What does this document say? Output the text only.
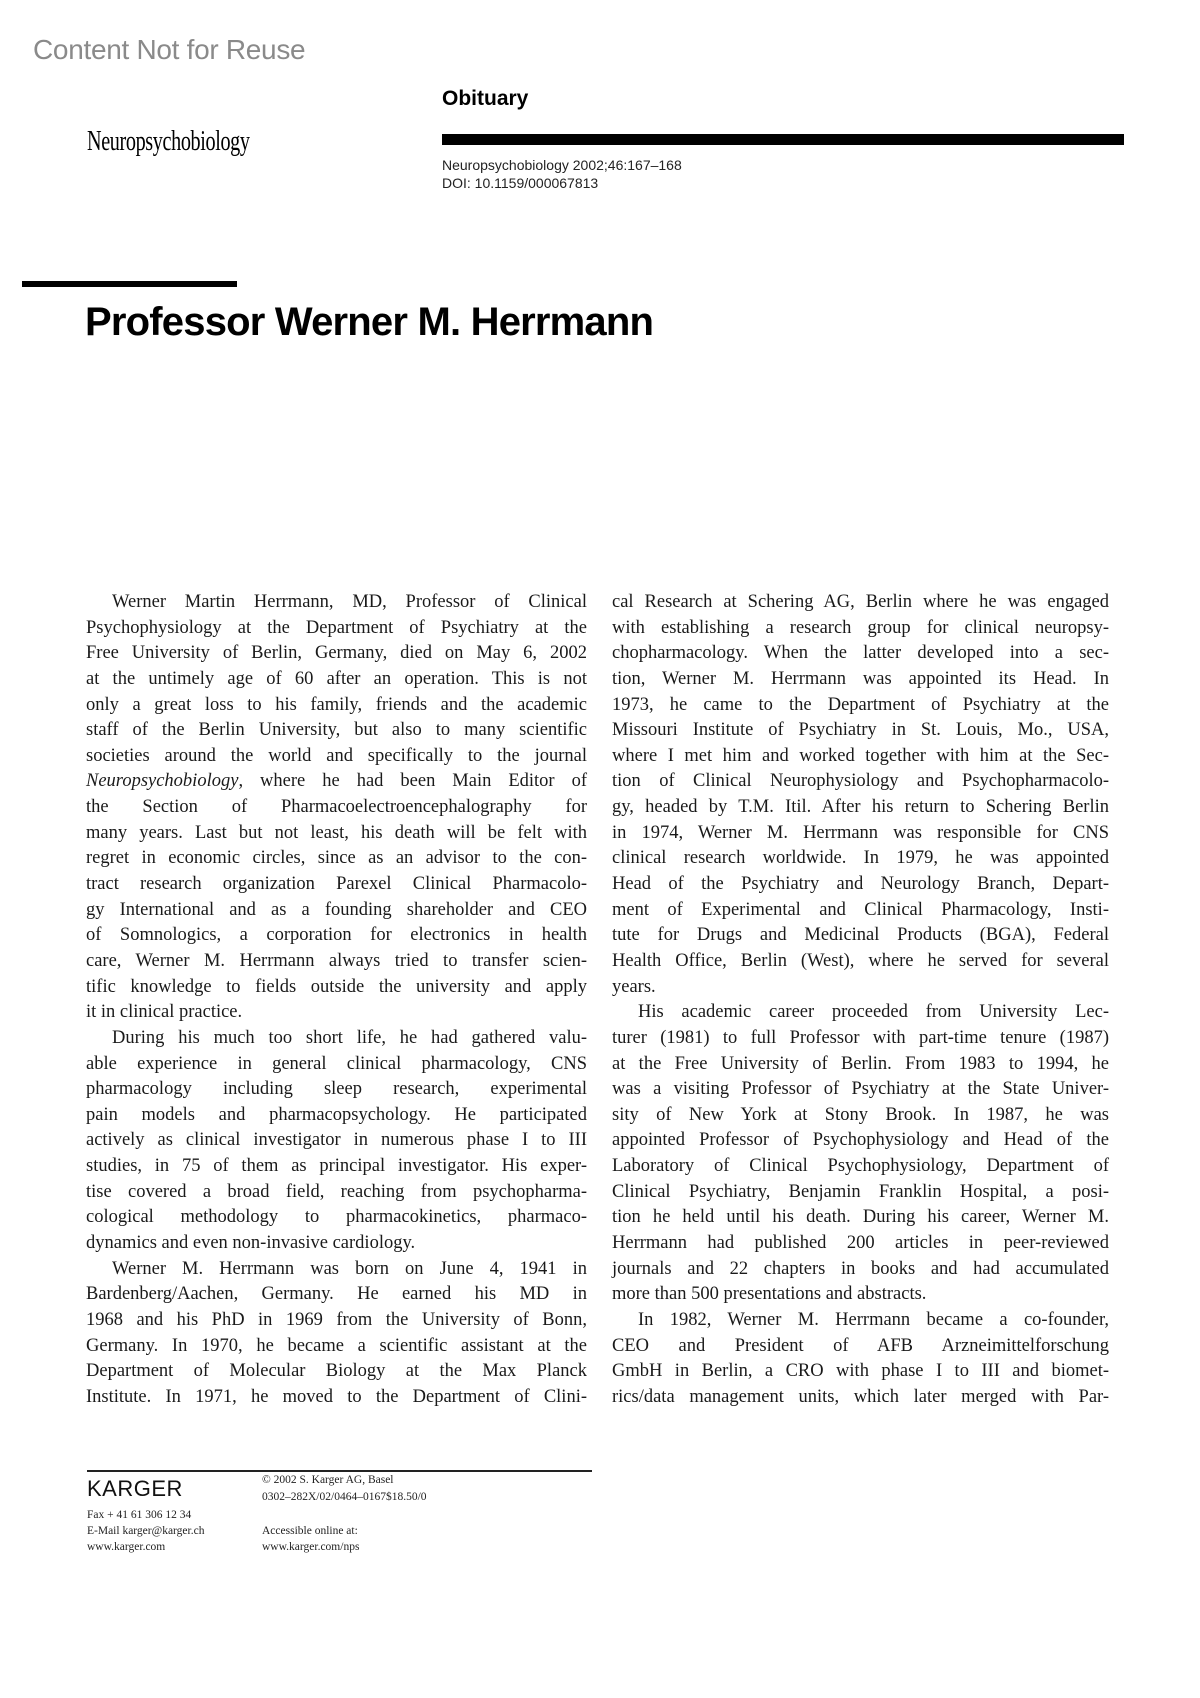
Content Not for Reuse
Neuropsychobiology
Obituary
Neuropsychobiology 2002;46:167–168
DOI: 10.1159/000067813
Professor Werner M. Herrmann
Werner Martin Herrmann, MD, Professor of Clinical
Psychophysiology at the Department of Psychiatry at the
Free University of Berlin, Germany, died on May 6, 2002
at the untimely age of 60 after an operation. This is not
only a great loss to his family, friends and the academic
staff of the Berlin University, but also to many scientific
societies around the world and specifically to the journal
Neuropsychobiology, where he had been Main Editor of
the Section of Pharmacoelectroencephalography for
many years. Last but not least, his death will be felt with
regret in economic circles, since as an advisor to the con-
tract research organization Parexel Clinical Pharmacolo-
gy International and as a founding shareholder and CEO
of Somnologics, a corporation for electronics in health
care, Werner M. Herrmann always tried to transfer scien-
tific knowledge to fields outside the university and apply
it in clinical practice.
During his much too short life, he had gathered valu-
able experience in general clinical pharmacology, CNS
pharmacology including sleep research, experimental
pain models and pharmacopsychology. He participated
actively as clinical investigator in numerous phase I to III
studies, in 75 of them as principal investigator. His exper-
tise covered a broad field, reaching from psychopharma-
cological methodology to pharmacokinetics, pharmaco-
dynamics and even non-invasive cardiology.
Werner M. Herrmann was born on June 4, 1941 in
Bardenberg/Aachen, Germany. He earned his MD in
1968 and his PhD in 1969 from the University of Bonn,
Germany. In 1970, he became a scientific assistant at the
Department of Molecular Biology at the Max Planck
Institute. In 1971, he moved to the Department of Clini-
cal Research at Schering AG, Berlin where he was engaged
with establishing a research group for clinical neuropsy-
chopharmacology. When the latter developed into a sec-
tion, Werner M. Herrmann was appointed its Head. In
1973, he came to the Department of Psychiatry at the
Missouri Institute of Psychiatry in St. Louis, Mo., USA,
where I met him and worked together with him at the Sec-
tion of Clinical Neurophysiology and Psychopharmacolo-
gy, headed by T.M. Itil. After his return to Schering Berlin
in 1974, Werner M. Herrmann was responsible for CNS
clinical research worldwide. In 1979, he was appointed
Head of the Psychiatry and Neurology Branch, Depart-
ment of Experimental and Clinical Pharmacology, Insti-
tute for Drugs and Medicinal Products (BGA), Federal
Health Office, Berlin (West), where he served for several
years.
His academic career proceeded from University Lec-
turer (1981) to full Professor with part-time tenure (1987)
at the Free University of Berlin. From 1983 to 1994, he
was a visiting Professor of Psychiatry at the State Univer-
sity of New York at Stony Brook. In 1987, he was
appointed Professor of Psychophysiology and Head of the
Laboratory of Clinical Psychophysiology, Department of
Clinical Psychiatry, Benjamin Franklin Hospital, a posi-
tion he held until his death. During his career, Werner M.
Herrmann had published 200 articles in peer-reviewed
journals and 22 chapters in books and had accumulated
more than 500 presentations and abstracts.
In 1982, Werner M. Herrmann became a co-founder,
CEO and President of AFB Arzneimittelforschung
GmbH in Berlin, a CRO with phase I to III and biomet-
rics/data management units, which later merged with Par-
KARGER
Fax + 41 61 306 12 34
E-Mail karger@karger.ch
www.karger.com
© 2002 S. Karger AG, Basel
0302–282X/02/0464–0167$18.50/0
Accessible online at:
www.karger.com/nps
